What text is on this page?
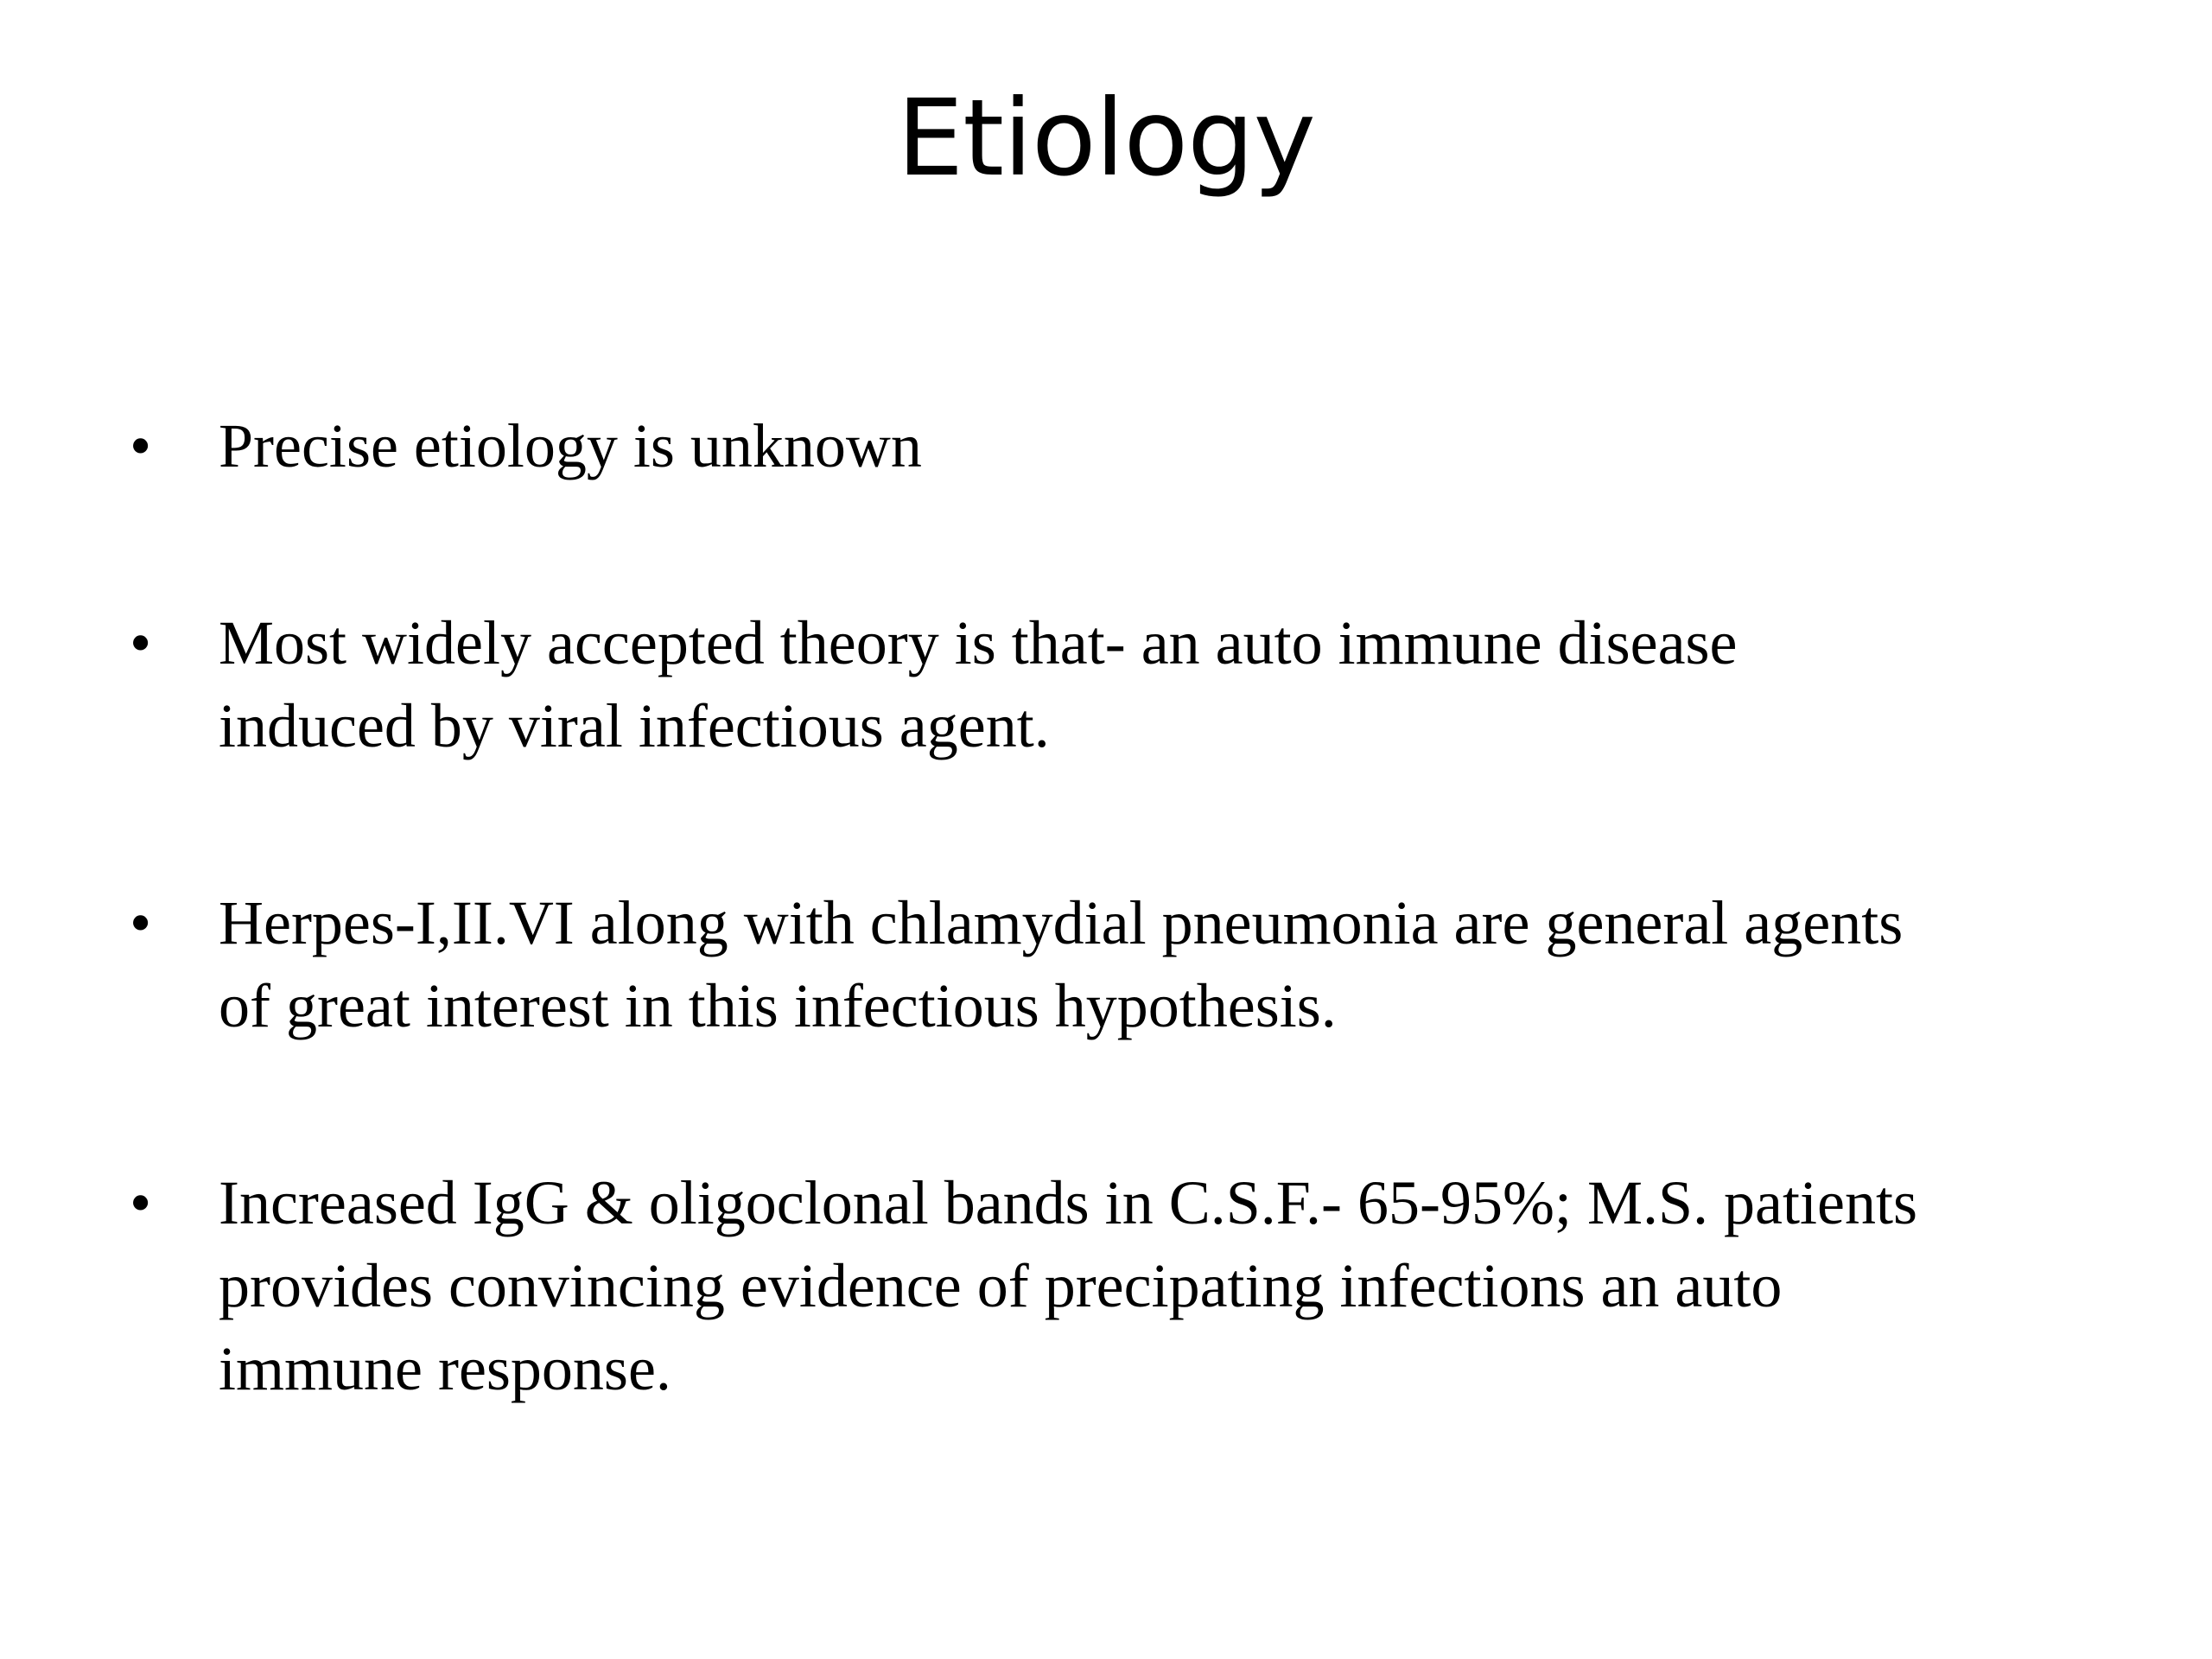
Etiology
• Precise etiology is unknown
• Most widely accepted theory is that- an auto immune disease
induced by viral infectious agent.
• Herpes-I,II.VI along with chlamydial pneumonia are general agents
of great interest in this infectious hypothesis.
• Increased IgG & oligoclonal bands in C.S.F.- 65-95%; M.S. patients
provides convincing evidence of precipating infections an auto
immune response.
